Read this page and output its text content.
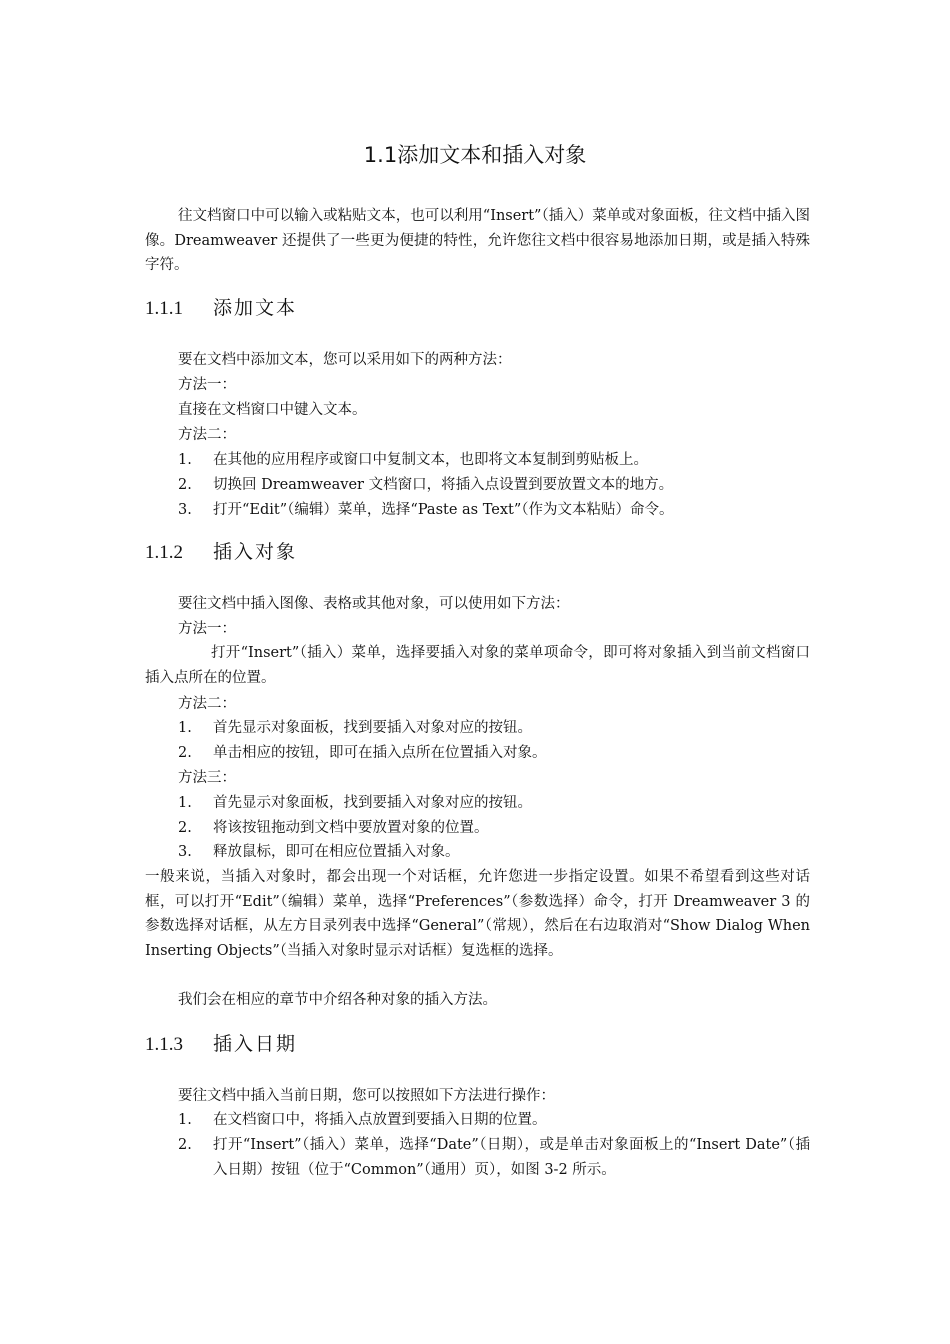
1.1添加文本和插入对象
往文档窗口中可以输入或粘贴文本，也可以利用“Insert”（插入）菜单或对象面板，往文档中插入图像。Dreamweaver 还提供了一些更为便捷的特性，允许您往文档中很容易地添加日期，或是插入特殊字符。
1.1.1 添加文本
要在文档中添加文本，您可以采用如下的两种方法：
方法一：
直接在文档窗口中键入文本。
方法二：
1.	在其他的应用程序或窗口中复制文本，也即将文本复制到剪贴板上。
2.	切换回 Dreamweaver 文档窗口，将插入点设置到要放置文本的地方。
3.	打开“Edit”（编辑）菜单，选择“Paste as Text”（作为文本粘贴）命令。
1.1.2 插入对象
要往文档中插入图像、表格或其他对象，可以使用如下方法：
方法一：
打开“Insert”（插入）菜单，选择要插入对象的菜单项命令，即可将对象插入到当前文档窗口插入点所在的位置。
方法二：
1.	首先显示对象面板，找到要插入对象对应的按钮。
2.	单击相应的按钮，即可在插入点所在位置插入对象。
方法三：
1.	首先显示对象面板，找到要插入对象对应的按钮。
2.	将该按钮拖动到文档中要放置对象的位置。
3.	释放鼠标，即可在相应位置插入对象。
一般来说，当插入对象时，都会出现一个对话框，允许您进一步指定设置。如果不希望看到这些对话框，可以打开“Edit”（编辑）菜单，选择“Preferences”（参数选择）命令，打开 Dreamweaver 3 的参数选择对话框，从左方目录列表中选择“General”（常规），然后在右边取消对“Show Dialog When Inserting Objects”（当插入对象时显示对话框）复选框的选择。
我们会在相应的章节中介绍各种对象的插入方法。
1.1.3 插入日期
要往文档中插入当前日期，您可以按照如下方法进行操作：
1.	在文档窗口中，将插入点放置到要插入日期的位置。
2.	打开“Insert”（插入）菜单，选择“Date”（日期），或是单击对象面板上的“Insert Date”（插入日期）按钮（位于“Common”（通用）页），如图 3-2 所示。
